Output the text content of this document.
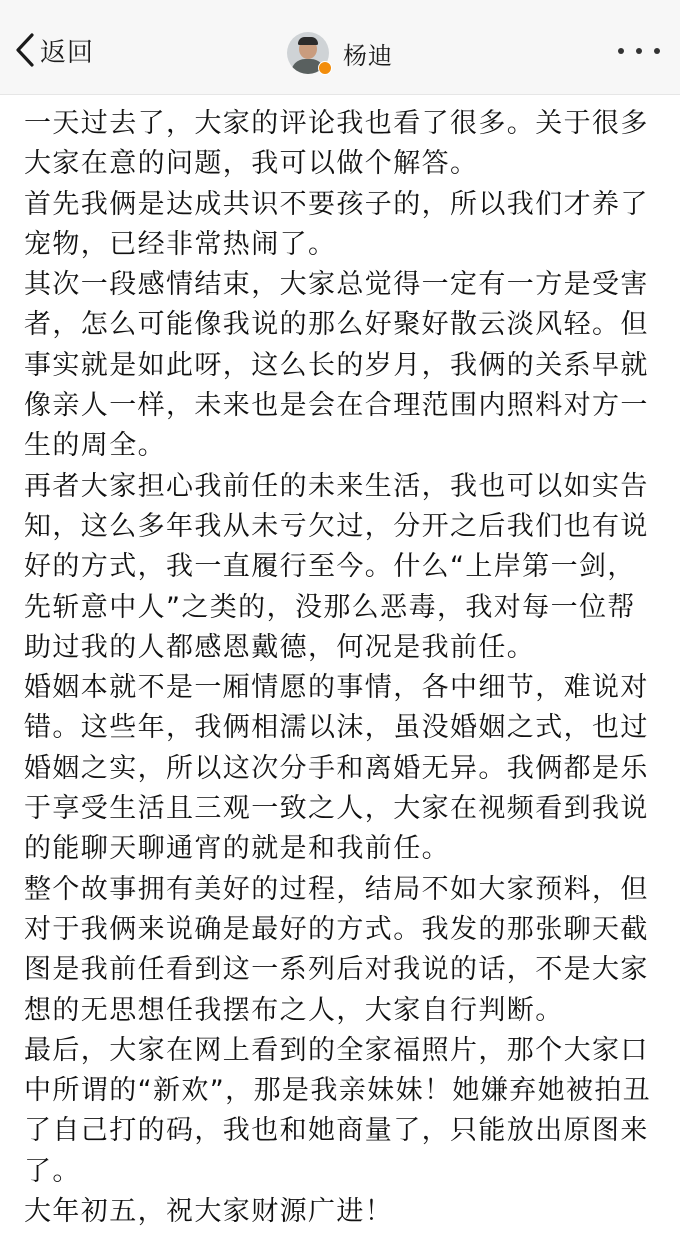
返回	杨迪

一天过去了，大家的评论我也看了很多。关于很多大家在意的问题，我可以做个解答。

首先我俩是达成共识不要孩子的，所以我们才养了宠物，已经非常热闹了。

其次一段感情结束，大家总觉得一定有一方是受害者，怎么可能像我说的那么好聚好散云淡风轻。但事实就是如此呀，这么长的岁月，我俩的关系早就像亲人一样，未来也是会在合理范围内照料对方一生的周全。

再者大家担心我前任的未来生活，我也可以如实告知，这么多年我从未亏欠过，分开之后我们也有说好的方式，我一直履行至今。什么“上岸第一剑，先斩意中人”之类的，没那么恶毒，我对每一位帮助过我的人都感恩戴德，何况是我前任。

婚姻本就不是一厢情愿的事情，各中细节，难说对错。这些年，我俩相濡以沫，虽没婚姻之式，也过婚姻之实，所以这次分手和离婚无异。我俩都是乐于享受生活且三观一致之人，大家在视频看到我说的能聊天聊通宵的就是和我前任。

整个故事拥有美好的过程，结局不如大家预料，但对于我俩来说确是最好的方式。我发的那张聊天截图是我前任看到这一系列后对我说的话，不是大家想的无思想任我摆布之人，大家自行判断。

最后，大家在网上看到的全家福照片，那个大家口中所谓的“新欢”，那是我亲妹妹！她嫌弃她被拍丑了自己打的码，我也和她商量了，只能放出原图来了。

大年初五，祝大家财源广进！
